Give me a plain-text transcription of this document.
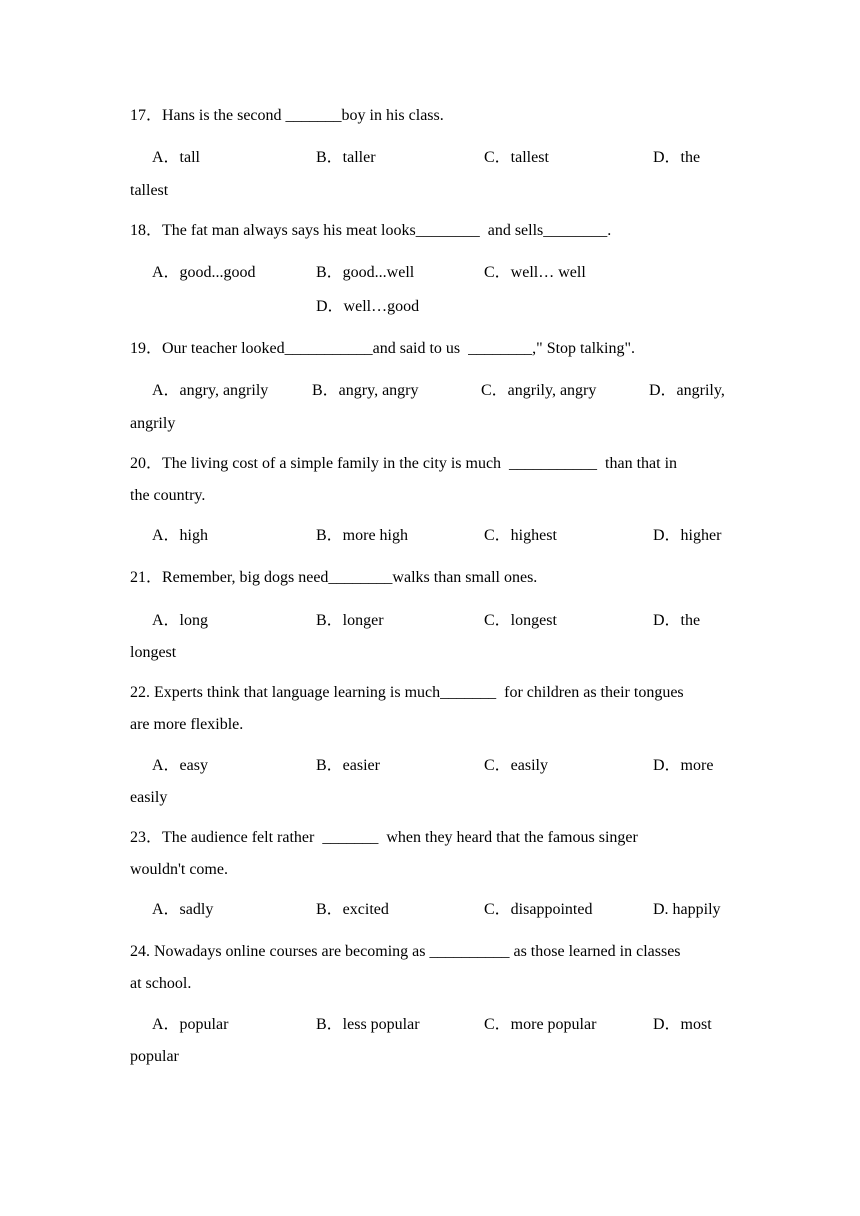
17．Hans is the second _______boy in his class.
A．tall	B．taller	C．tallest	D．the
tallest
18．The fat man always says his meat looks________  and sells________.
A．good...good	B．good...well	C．well… well
D．well…good
19．Our teacher looked___________and said to us  ________," Stop talking".
A．angry, angrily	B．angry, angry	C．angrily, angry	D．angrily,
angrily
20．The living cost of a simple family in the city is much  ___________  than that in
the country.
A．high	B．more high	C．highest	D．higher
21．Remember, big dogs need________walks than small ones.
A．long	B．longer	C．longest	D．the
longest
22. Experts think that language learning is much_______  for children as their tongues
are more flexible.
A．easy	B．easier	C．easily	D．more
easily
23．The audience felt rather  _______  when they heard that the famous singer
wouldn't come.
A．sadly	B．excited	C．disappointed	D. happily
24. Nowadays online courses are becoming as __________ as those learned in classes
at school.
A．popular	B．less popular	C．more popular	D．most
popular
